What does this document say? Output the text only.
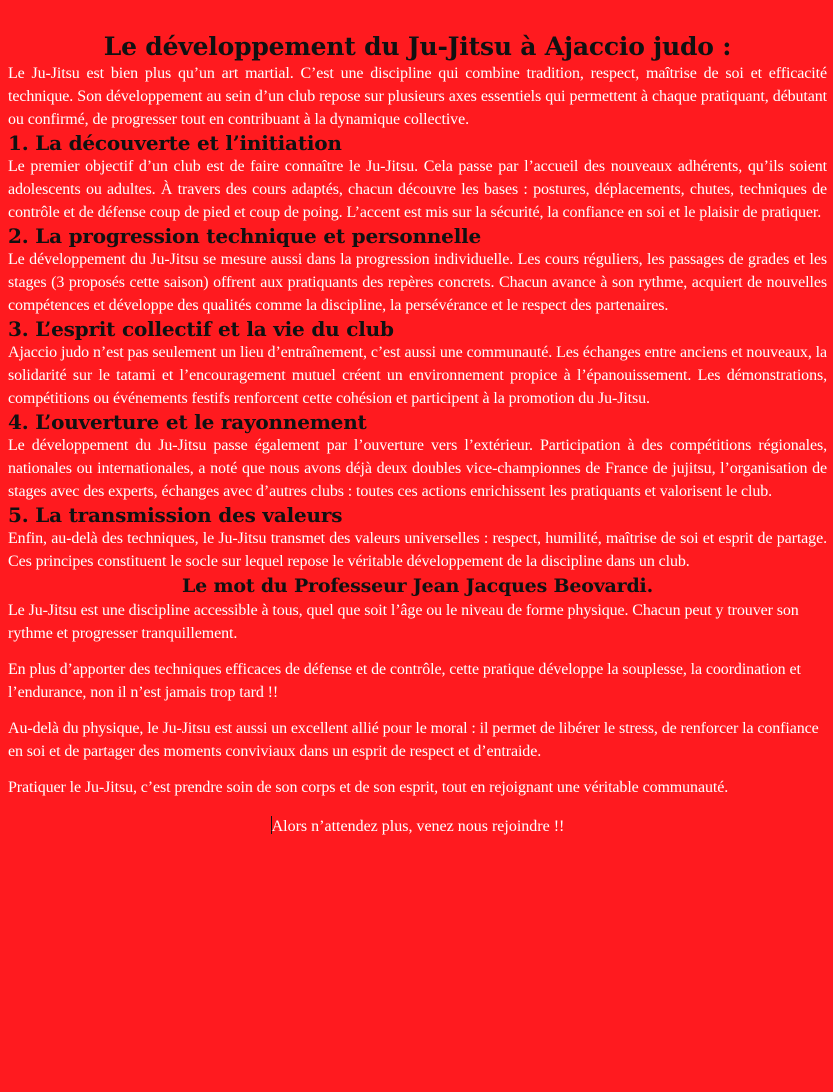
Le développement du Ju-Jitsu à Ajaccio judo :

Le Ju-Jitsu est bien plus qu’un art martial. C’est une discipline qui combine tradition, respect, maîtrise de soi et efficacité technique. Son développement au sein d’un club repose sur plusieurs axes essentiels qui permettent à chaque pratiquant, débutant ou confirmé, de progresser tout en contribuant à la dynamique collective.

1. La découverte et l’initiation

Le premier objectif d’un club est de faire connaître le Ju-Jitsu. Cela passe par l’accueil des nouveaux adhérents, qu’ils soient adolescents ou adultes. À travers des cours adaptés, chacun découvre les bases : postures, déplacements, chutes, techniques de contrôle et de défense coup de pied et coup de poing. L’accent est mis sur la sécurité, la confiance en soi et le plaisir de pratiquer.

2. La progression technique et personnelle

Le développement du Ju-Jitsu se mesure aussi dans la progression individuelle. Les cours réguliers, les passages de grades et les stages (3 proposés cette saison) offrent aux pratiquants des repères concrets. Chacun avance à son rythme, acquiert de nouvelles compétences et développe des qualités comme la discipline, la persévérance et le respect des partenaires.

3. L’esprit collectif et la vie du club

Ajaccio judo n’est pas seulement un lieu d’entraînement, c’est aussi une communauté. Les échanges entre anciens et nouveaux, la solidarité sur le tatami et l’encouragement mutuel créent un environnement propice à l’épanouissement. Les démonstrations, compétitions ou événements festifs renforcent cette cohésion et participent à la promotion du Ju-Jitsu.

4. L’ouverture et le rayonnement

Le développement du Ju-Jitsu passe également par l’ouverture vers l’extérieur. Participation à des compétitions régionales, nationales ou internationales, a noté que nous avons déjà deux doubles vice-championnes de France de jujitsu, l’organisation de stages avec des experts, échanges avec d’autres clubs : toutes ces actions enrichissent les pratiquants et valorisent le club.

5. La transmission des valeurs

Enfin, au-delà des techniques, le Ju-Jitsu transmet des valeurs universelles : respect, humilité, maîtrise de soi et esprit de partage. Ces principes constituent le socle sur lequel repose le véritable développement de la discipline dans un club.

Le mot du Professeur Jean Jacques Beovardi.

Le Ju-Jitsu est une discipline accessible à tous, quel que soit l’âge ou le niveau de forme physique. Chacun peut y trouver son rythme et progresser tranquillement.

En plus d’apporter des techniques efficaces de défense et de contrôle, cette pratique développe la souplesse, la coordination et l’endurance, non il n’est jamais trop tard !!

Au-delà du physique, le Ju-Jitsu est aussi un excellent allié pour le moral : il permet de libérer le stress, de renforcer la confiance en soi et de partager des moments conviviaux dans un esprit de respect et d’entraide.

Pratiquer le Ju-Jitsu, c’est prendre soin de son corps et de son esprit, tout en rejoignant une véritable communauté.

Alors n’attendez plus, venez nous rejoindre !!
